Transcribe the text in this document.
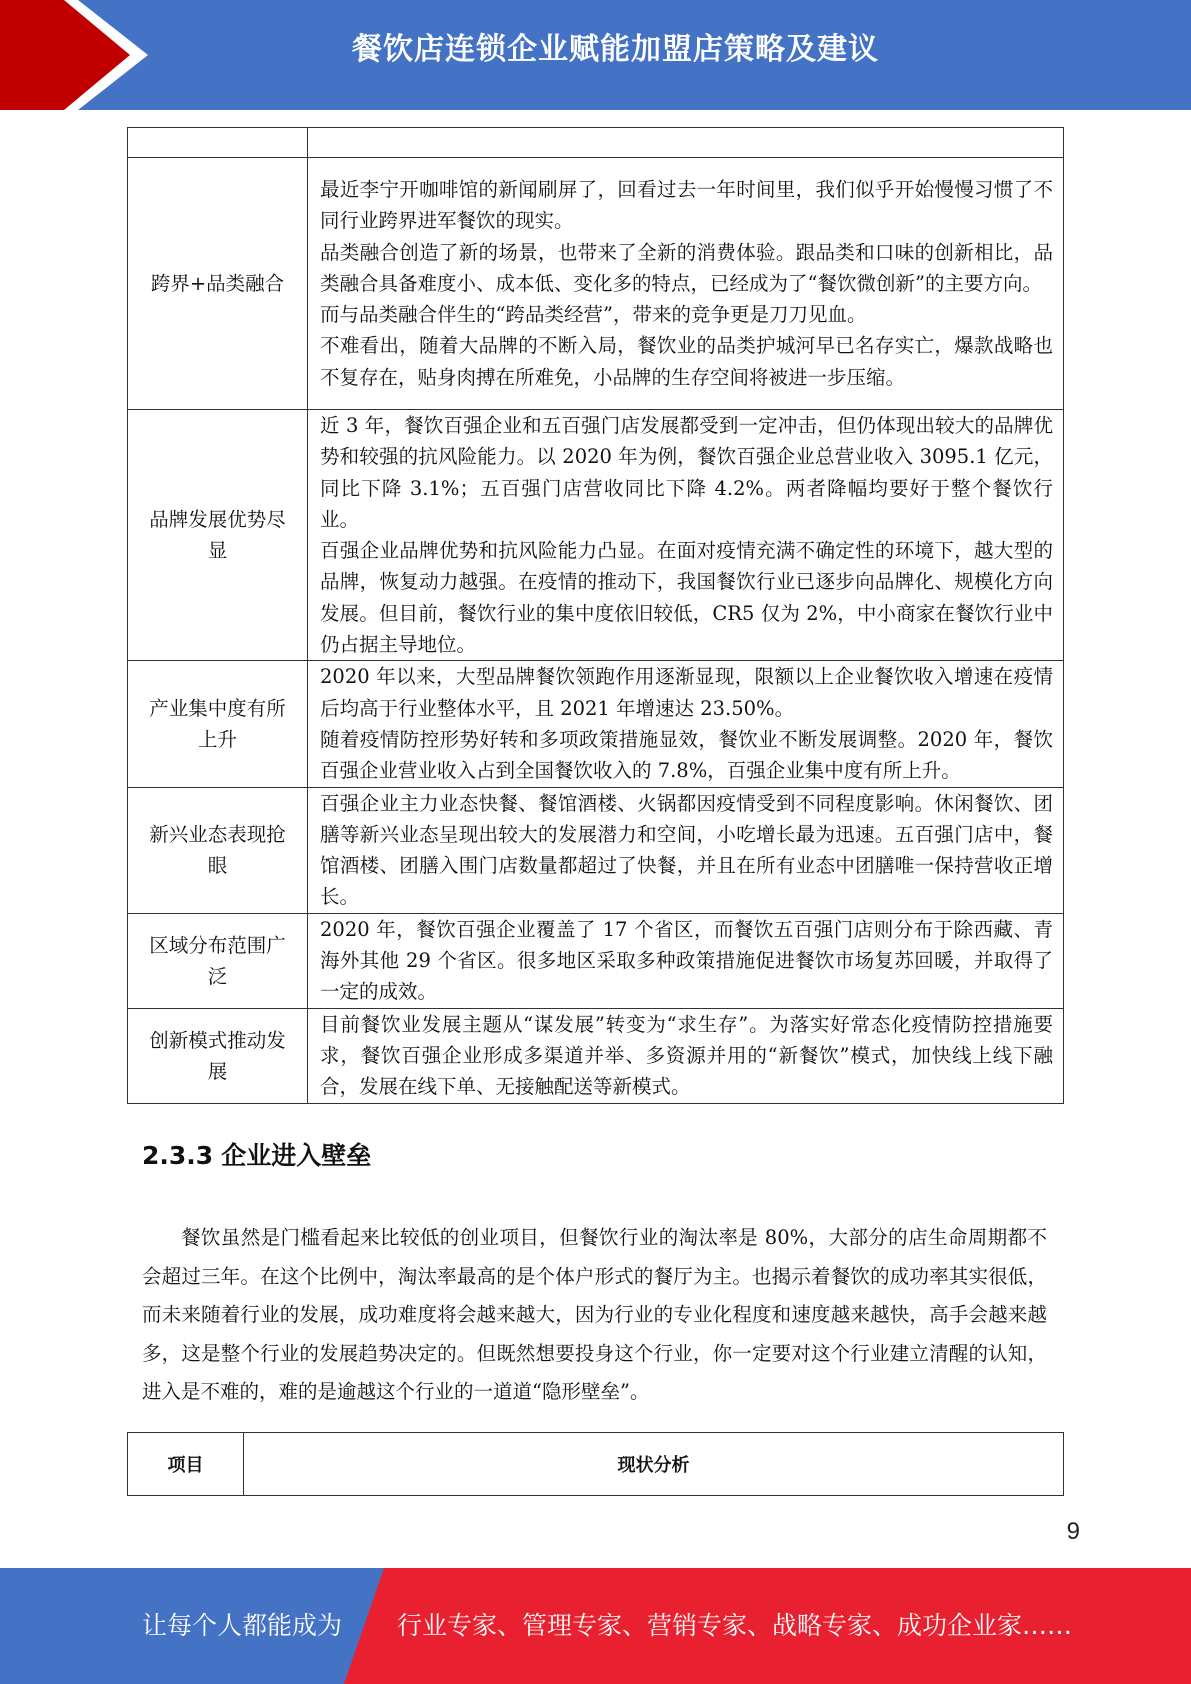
餐饮店连锁企业赋能加盟店策略及建议

跨界+品类融合	最近李宁开咖啡馆的新闻刷屏了，回看过去一年时间里，我们似乎开始慢慢习惯了不同行业跨界进军餐饮的现实。

品类融合创造了新的场景，也带来了全新的消费体验。跟品类和口味的创新相比，品类融合具备难度小、成本低、变化多的特点，已经成为了“餐饮微创新”的主要方向。

而与品类融合伴生的“跨品类经营”，带来的竞争更是刀刀见血。

不难看出，随着大品牌的不断入局，餐饮业的品类护城河早已名存实亡，爆款战略也不复存在，贴身肉搏在所难免，小品牌的生存空间将被进一步压缩。

品牌发展优势尽显	近 3 年，餐饮百强企业和五百强门店发展都受到一定冲击，但仍体现出较大的品牌优势和较强的抗风险能力。以 2020 年为例，餐饮百强企业总营业收入 3095.1 亿元，同比下降 3.1%；五百强门店营收同比下降 4.2%。两者降幅均要好于整个餐饮行业。

百强企业品牌优势和抗风险能力凸显。在面对疫情充满不确定性的环境下，越大型的品牌，恢复动力越强。在疫情的推动下，我国餐饮行业已逐步向品牌化、规模化方向发展。但目前，餐饮行业的集中度依旧较低，CR5 仅为 2%，中小商家在餐饮行业中仍占据主导地位。

产业集中度有所上升	2020 年以来，大型品牌餐饮领跑作用逐渐显现，限额以上企业餐饮收入增速在疫情后均高于行业整体水平，且 2021 年增速达 23.50%。

随着疫情防控形势好转和多项政策措施显效，餐饮业不断发展调整。2020 年，餐饮百强企业营业收入占到全国餐饮收入的 7.8%，百强企业集中度有所上升。

新兴业态表现抢眼	百强企业主力业态快餐、餐馆酒楼、火锅都因疫情受到不同程度影响。休闲餐饮、团膳等新兴业态呈现出较大的发展潜力和空间，小吃增长最为迅速。五百强门店中，餐馆酒楼、团膳入围门店数量都超过了快餐，并且在所有业态中团膳唯一保持营收正增长。

区域分布范围广泛	2020 年，餐饮百强企业覆盖了 17 个省区，而餐饮五百强门店则分布于除西藏、青海外其他 29 个省区。很多地区采取多种政策措施促进餐饮市场复苏回暖，并取得了一定的成效。

创新模式推动发展	目前餐饮业发展主题从“谋发展”转变为“求生存”。为落实好常态化疫情防控措施要求，餐饮百强企业形成多渠道并举、多资源并用的“新餐饮”模式，加快线上线下融合，发展在线下单、无接触配送等新模式。

2.3.3 企业进入壁垒

餐饮虽然是门槛看起来比较低的创业项目，但餐饮行业的淘汰率是 80%，大部分的店生命周期都不会超过三年。在这个比例中，淘汰率最高的是个体户形式的餐厅为主。也揭示着餐饮的成功率其实很低，而未来随着行业的发展，成功难度将会越来越大，因为行业的专业化程度和速度越来越快，高手会越来越多，这是整个行业的发展趋势决定的。但既然想要投身这个行业，你一定要对这个行业建立清醒的认知，进入是不难的，难的是逾越这个行业的一道道“隐形壁垒”。

项目	现状分析
9
让每个人都能成为 行业专家、管理专家、营销专家、战略专家、成功企业家……
